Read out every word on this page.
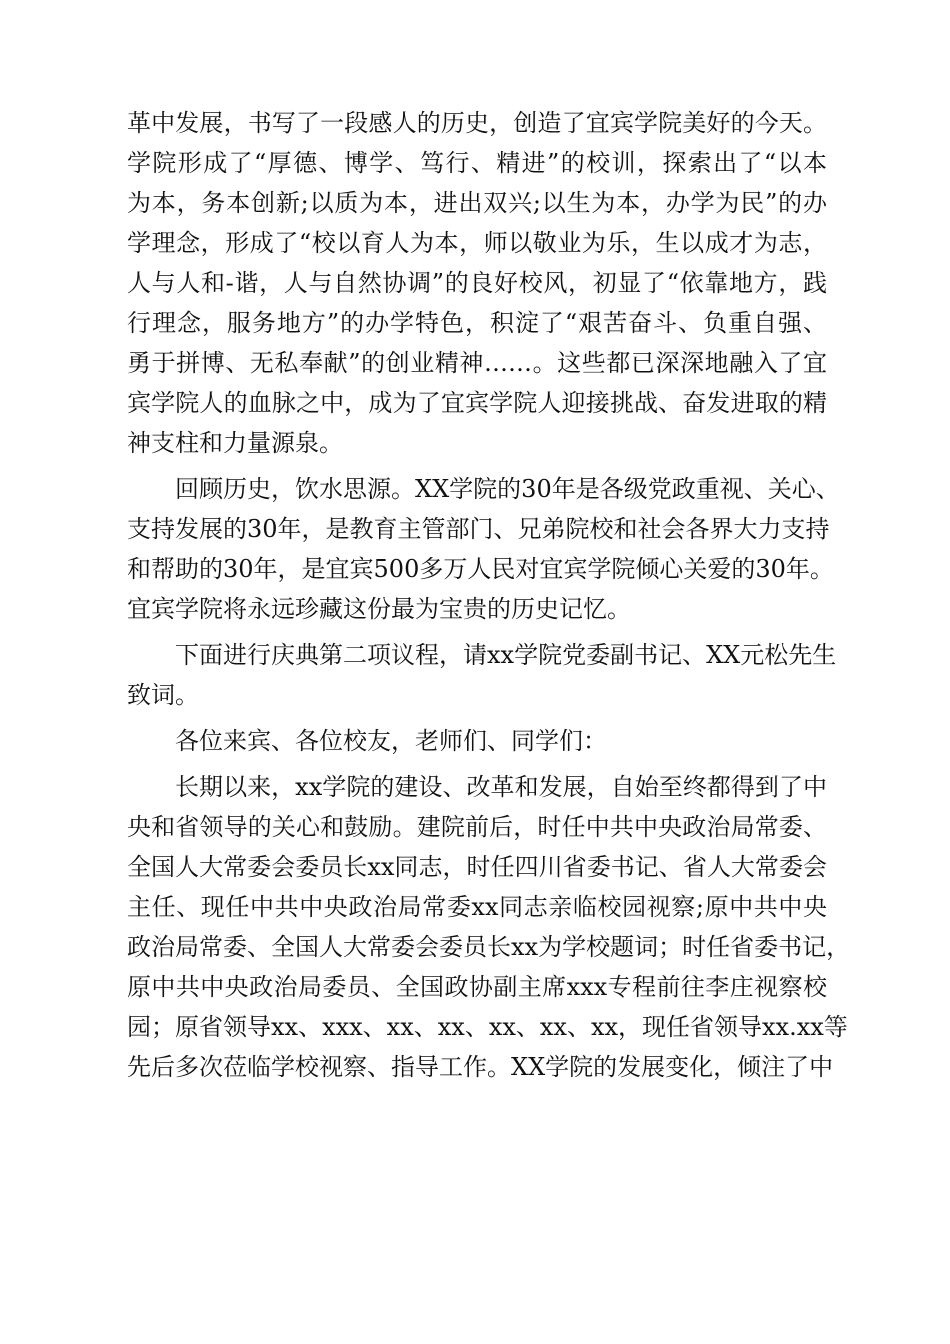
革中发展，书写了一段感人的历史，创造了宜宾学院美好的今天。
学院形成了“厚德、博学、笃行、精进”的校训，探索出了“以本
为本，务本创新;以质为本，进出双兴;以生为本，办学为民”的办
学理念，形成了“校以育人为本，师以敬业为乐，生以成才为志，
人与人和-谐，人与自然协调”的良好校风，初显了“依靠地方，践
行理念，服务地方”的办学特色，积淀了“艰苦奋斗、负重自强、
勇于拼博、无私奉献”的创业精神……。这些都已深深地融入了宜
宾学院人的血脉之中，成为了宜宾学院人迎接挑战、奋发进取的精
神支柱和力量源泉。
回顾历史，饮水思源。XX学院的30年是各级党政重视、关心、
支持发展的30年，是教育主管部门、兄弟院校和社会各界大力支持
和帮助的30年，是宜宾500多万人民对宜宾学院倾心关爱的30年。
宜宾学院将永远珍藏这份最为宝贵的历史记忆。
下面进行庆典第二项议程，请xx学院党委副书记、XX元松先生
致词。
各位来宾、各位校友，老师们、同学们：
长期以来，xx学院的建设、改革和发展，自始至终都得到了中
央和省领导的关心和鼓励。建院前后，时任中共中央政治局常委、
全国人大常委会委员长xx同志，时任四川省委书记、省人大常委会
主任、现任中共中央政治局常委xx同志亲临校园视察;原中共中央
政治局常委、全国人大常委会委员长xx为学校题词；时任省委书记，
原中共中央政治局委员、全国政协副主席xxx专程前往李庄视察校
园；原省领导xx、xxx、xx、xx、xx、xx、xx，现任省领导xx.xx等
先后多次莅临学校视察、指导工作。XX学院的发展变化，倾注了中
